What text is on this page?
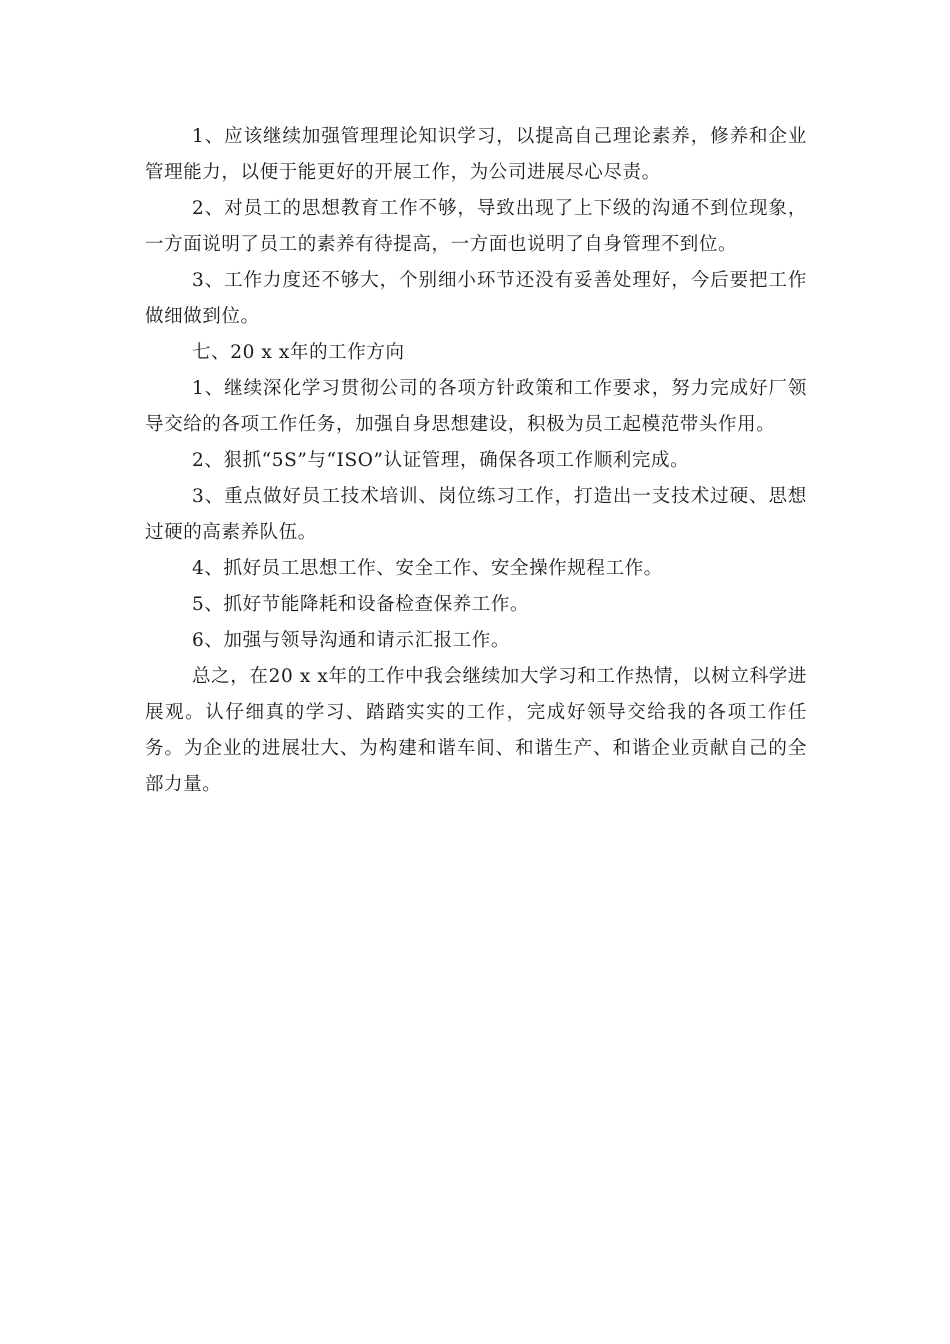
1、应该继续加强管理理论知识学习，以提高自己理论素养，修养和企业管理能力，以便于能更好的开展工作，为公司进展尽心尽责。

2、对员工的思想教育工作不够，导致出现了上下级的沟通不到位现象，一方面说明了员工的素养有待提高，一方面也说明了自身管理不到位。

3、工作力度还不够大，个别细小环节还没有妥善处理好，今后要把工作做细做到位。

七、20 x x年的工作方向

1、继续深化学习贯彻公司的各项方针政策和工作要求，努力完成好厂领导交给的各项工作任务，加强自身思想建设，积极为员工起模范带头作用。

2、狠抓“5S”与“ISO”认证管理，确保各项工作顺利完成。

3、重点做好员工技术培训、岗位练习工作，打造出一支技术过硬、思想过硬的高素养队伍。

4、抓好员工思想工作、安全工作、安全操作规程工作。

5、抓好节能降耗和设备检查保养工作。

6、加强与领导沟通和请示汇报工作。

总之，在20 x x年的工作中我会继续加大学习和工作热情，以树立科学进展观。认仔细真的学习、踏踏实实的工作，完成好领导交给我的各项工作任务。为企业的进展壮大、为构建和谐车间、和谐生产、和谐企业贡献自己的全部力量。
